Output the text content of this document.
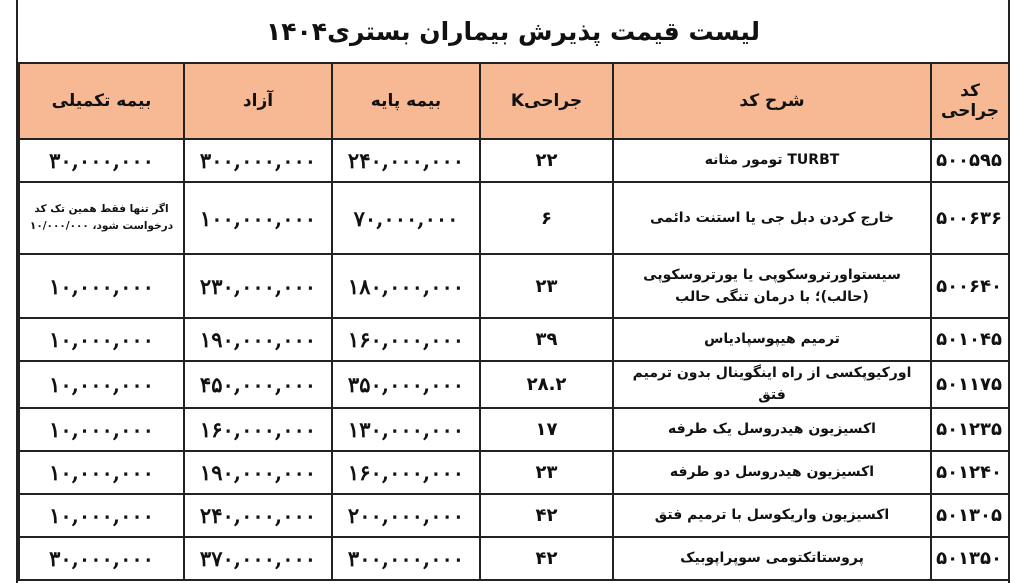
لیست قیمت پذیرش بیماران بستری۱۴۰۴
کد جراحی	شرح کد	جراحیK	بیمه پایه	آزاد	بیمه تکمیلی
۵۰۰۵۹۵	TURBT تومور مثانه	۲۲	۲۴۰,۰۰۰,۰۰۰	۳۰۰,۰۰۰,۰۰۰	۳۰,۰۰۰,۰۰۰
۵۰۰۶۳۶	خارج کردن دبل جی یا استنت دائمی	۶	۷۰,۰۰۰,۰۰۰	۱۰۰,۰۰۰,۰۰۰	اگر تنها فقط همین تک کد درخواست شود، ۱۰/۰۰۰/۰۰۰
۵۰۰۶۴۰	سیستواورتروسکوپی یا یورتروسکوپی (حالب)؛ با درمان تنگی حالب	۲۳	۱۸۰,۰۰۰,۰۰۰	۲۳۰,۰۰۰,۰۰۰	۱۰,۰۰۰,۰۰۰
۵۰۱۰۴۵	ترمیم هیپوسپادیاس	۳۹	۱۶۰,۰۰۰,۰۰۰	۱۹۰,۰۰۰,۰۰۰	۱۰,۰۰۰,۰۰۰
۵۰۱۱۷۵	اورکیوپکسی از راه اینگوینال بدون ترمیم فتق	۲۸.۲	۳۵۰,۰۰۰,۰۰۰	۴۵۰,۰۰۰,۰۰۰	۱۰,۰۰۰,۰۰۰
۵۰۱۲۳۵	اکسیزیون هیدروسل یک طرفه	۱۷	۱۳۰,۰۰۰,۰۰۰	۱۶۰,۰۰۰,۰۰۰	۱۰,۰۰۰,۰۰۰
۵۰۱۲۴۰	اکسیزیون هیدروسل دو طرفه	۲۳	۱۶۰,۰۰۰,۰۰۰	۱۹۰,۰۰۰,۰۰۰	۱۰,۰۰۰,۰۰۰
۵۰۱۳۰۵	اکسیزیون واریکوسل با ترمیم فتق	۴۲	۲۰۰,۰۰۰,۰۰۰	۲۴۰,۰۰۰,۰۰۰	۱۰,۰۰۰,۰۰۰
۵۰۱۳۵۰	پروستاتکتومی سوپراپوبیک	۴۲	۳۰۰,۰۰۰,۰۰۰	۳۷۰,۰۰۰,۰۰۰	۳۰,۰۰۰,۰۰۰
